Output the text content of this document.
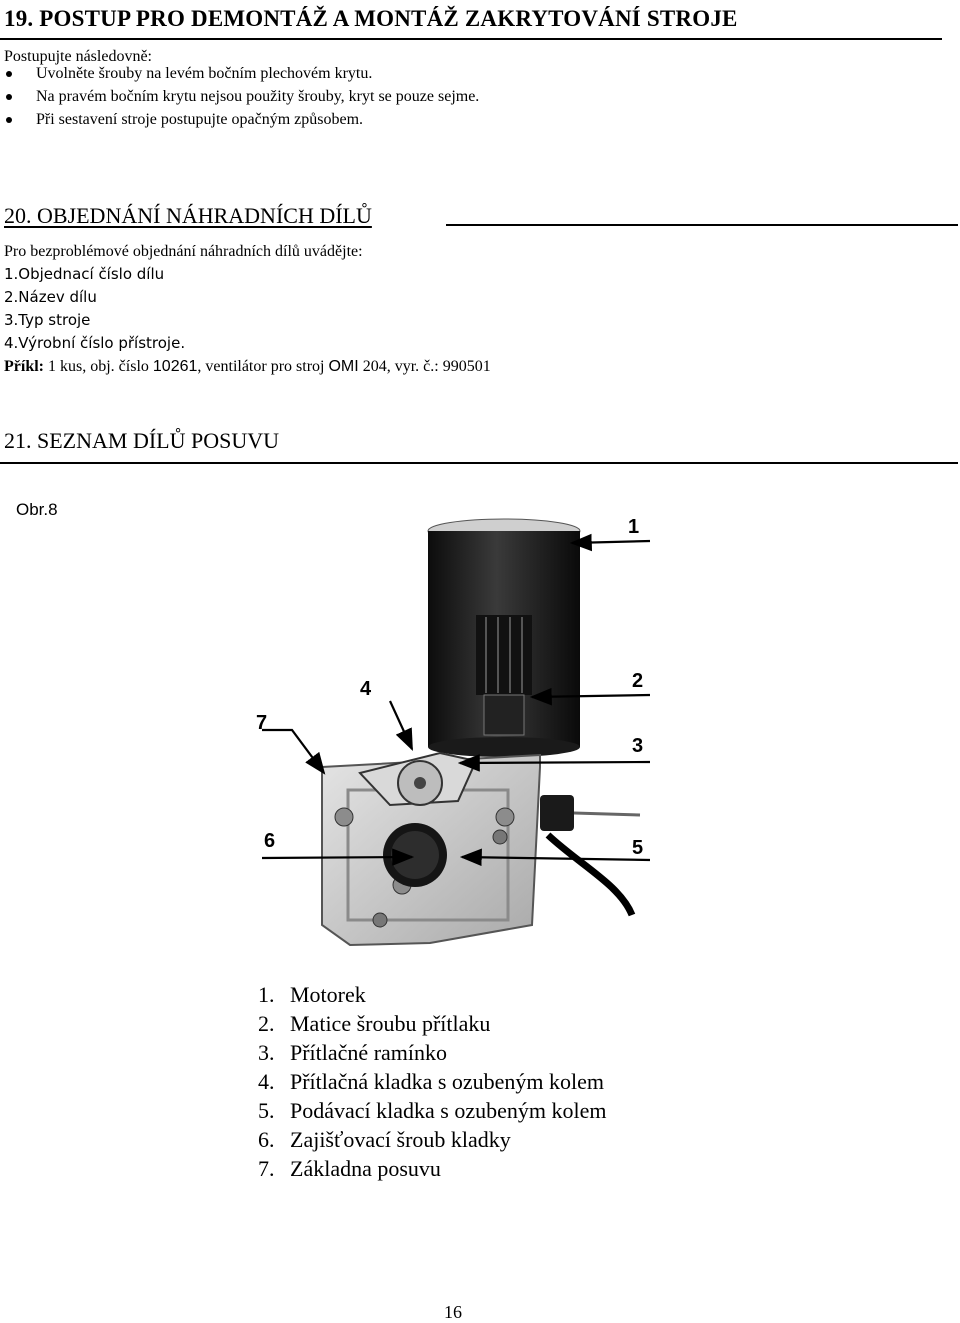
19. POSTUP PRO DEMONTÁŽ A MONTÁŽ ZAKRYTOVÁNÍ STROJE
Postupujte následovně:
Uvolněte šrouby na levém bočním plechovém krytu.
Na pravém bočním krytu nejsou použity šrouby, kryt se pouze sejme.
Při sestavení stroje postupujte opačným způsobem.
20. OBJEDNÁNÍ NÁHRADNÍCH DÍLŮ
Pro bezproblémové objednání náhradních dílů uvádějte:
1.Objednací číslo dílu
2.Název dílu
3.Typ stroje
4.Výrobní číslo přístroje.
Příkl: 1 kus, obj. číslo 10261, ventilátor pro stroj OMI 204, vyr. č.: 990501
21. SEZNAM DÍLŮ POSUVU
Obr.8
1
2
3
4
5
6
7
1. Motorek
2. Matice šroubu přítlaku
3. Přítlačné ramínko
4. Přítlačná kladka s ozubeným kolem
5. Podávací kladka s ozubeným kolem
6. Zajišťovací šroub kladky
7. Základna posuvu
16
